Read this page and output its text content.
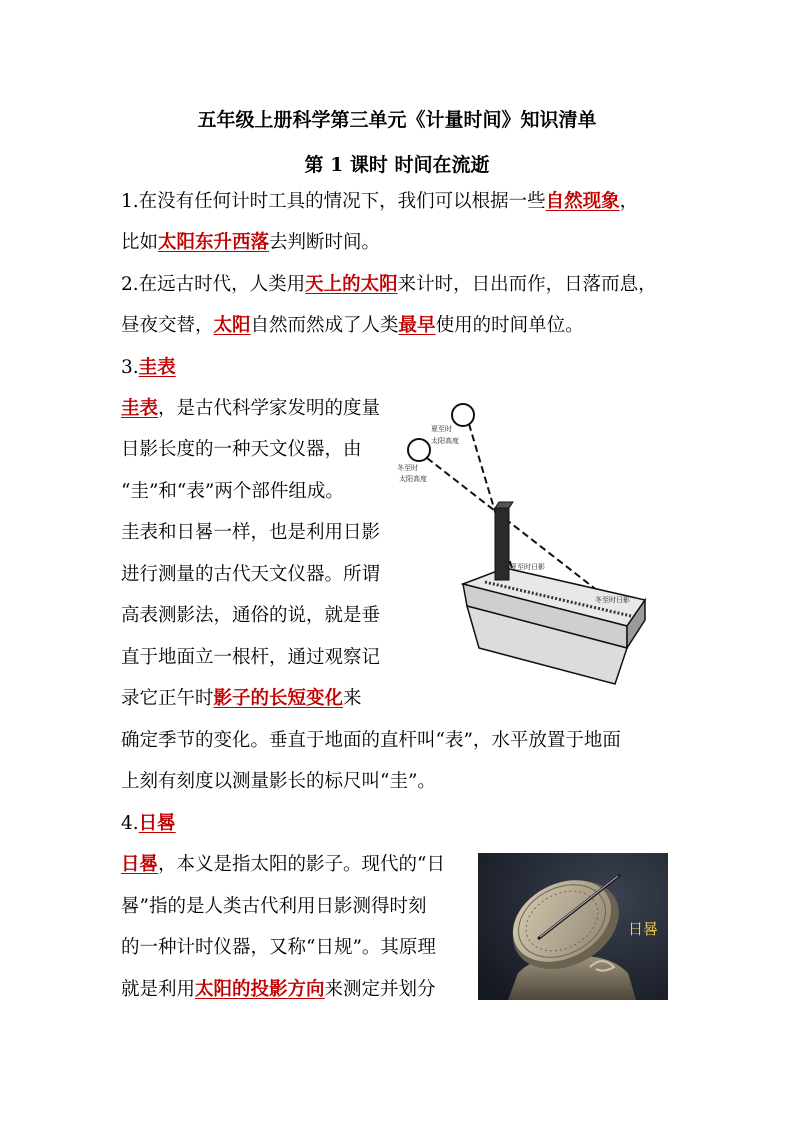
五年级上册科学第三单元《计量时间》知识清单
第 1 课时 时间在流逝
1.在没有任何计时工具的情况下，我们可以根据一些自然现象，
比如太阳东升西落去判断时间。
2.在远古时代，人类用天上的太阳来计时，日出而作，日落而息，
昼夜交替，太阳自然而然成了人类最早使用的时间单位。
3.圭表
圭表，是古代科学家发明的度量
日影长度的一种天文仪器，由
“圭”和“表”两个部件组成。
圭表和日晷一样，也是利用日影
进行测量的古代天文仪器。所谓
高表测影法，通俗的说，就是垂
直于地面立一根杆，通过观察记
录它正午时影子的长短变化来
确定季节的变化。垂直于地面的直杆叫“表”，水平放置于地面
上刻有刻度以测量影长的标尺叫“圭”。
夏至时
太阳高度
冬至时
太阳高度
夏至时日影
冬至时日影
4.日晷
日晷，本义是指太阳的影子。现代的“日
晷”指的是人类古代利用日影测得时刻
的一种计时仪器，又称“日规”。其原理
就是利用太阳的投影方向来测定并划分
日晷
